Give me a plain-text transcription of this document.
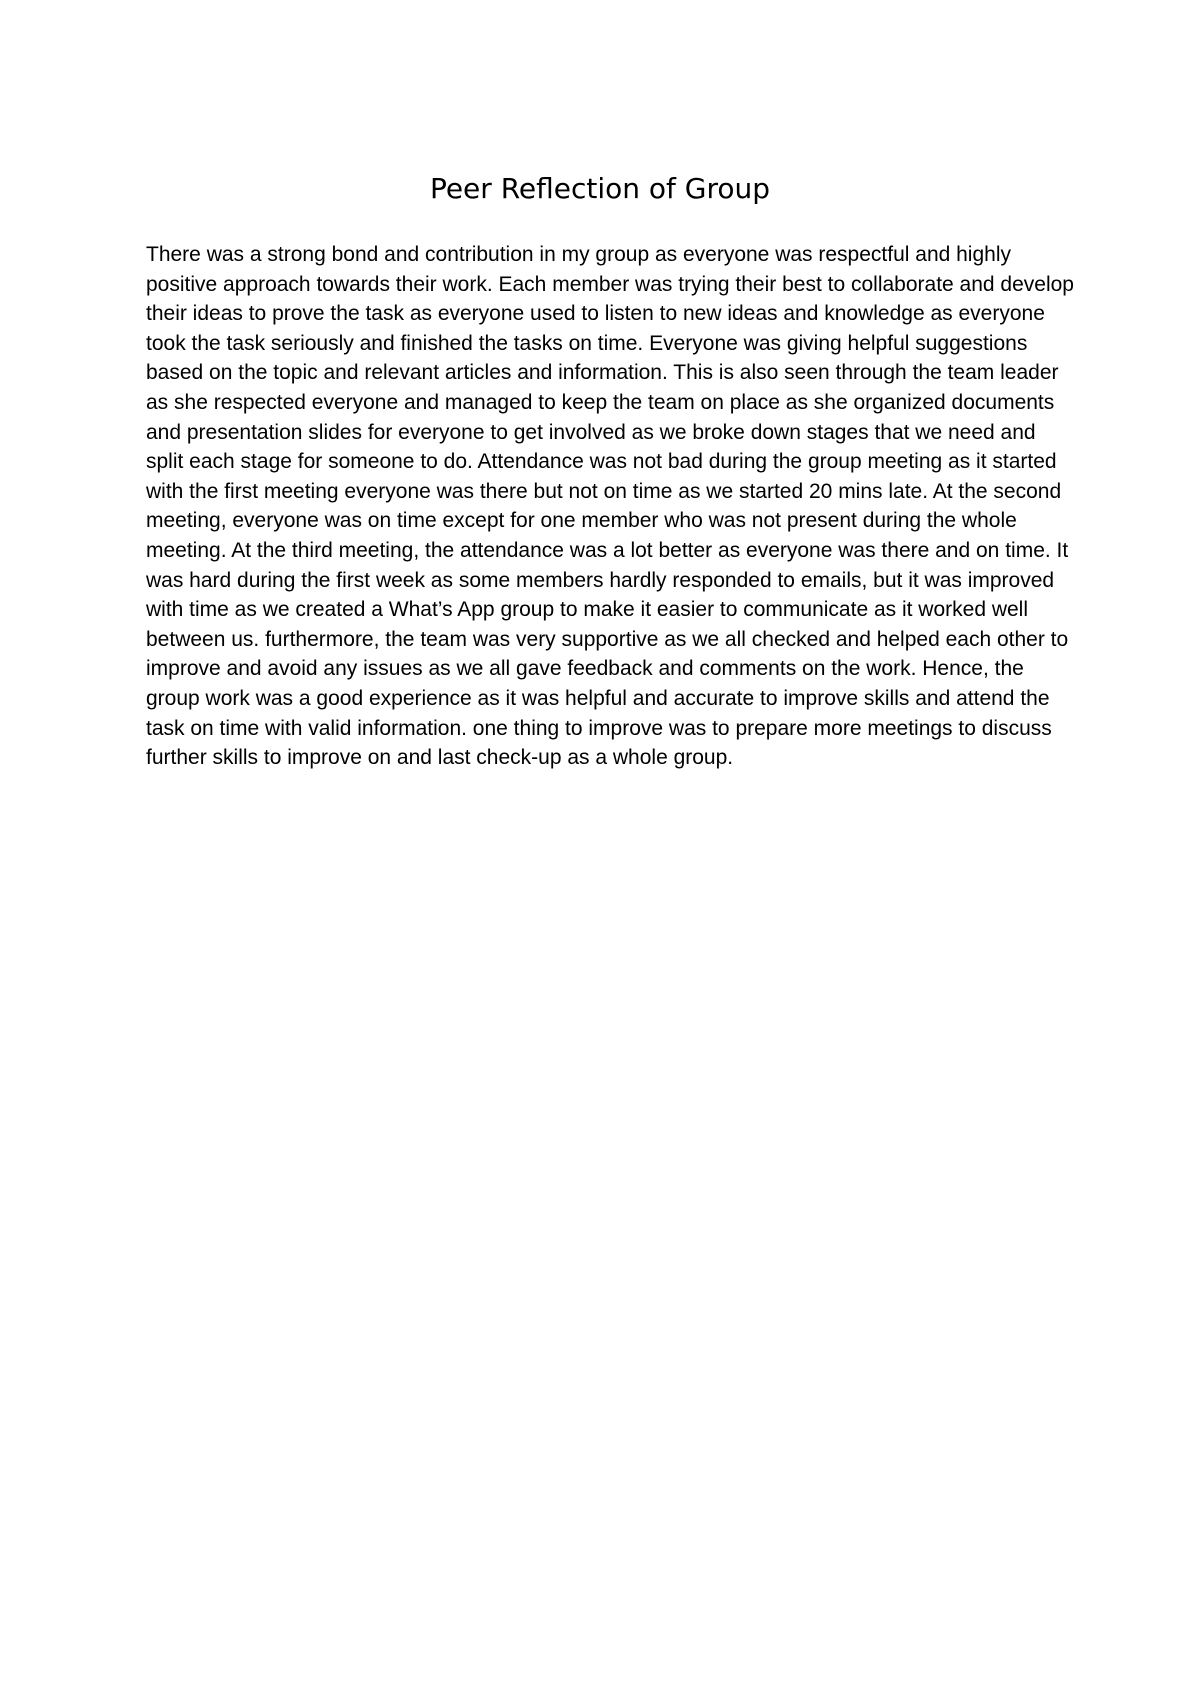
Peer Reflection of Group

There was a strong bond and contribution in my group as everyone was respectful and highly positive approach towards their work. Each member was trying their best to collaborate and develop their ideas to prove the task as everyone used to listen to new ideas and knowledge as everyone took the task seriously and finished the tasks on time. Everyone was giving helpful suggestions based on the topic and relevant articles and information. This is also seen through the team leader as she respected everyone and managed to keep the team on place as she organized documents and presentation slides for everyone to get involved as we broke down stages that we need and split each stage for someone to do. Attendance was not bad during the group meeting as it started with the first meeting everyone was there but not on time as we started 20 mins late. At the second meeting, everyone was on time except for one member who was not present during the whole meeting. At the third meeting, the attendance was a lot better as everyone was there and on time. It was hard during the first week as some members hardly responded to emails, but it was improved with time as we created a What’s App group to make it easier to communicate as it worked well between us. furthermore, the team was very supportive as we all checked and helped each other to improve and avoid any issues as we all gave feedback and comments on the work. Hence, the group work was a good experience as it was helpful and accurate to improve skills and attend the task on time with valid information. one thing to improve was to prepare more meetings to discuss further skills to improve on and last check-up as a whole group.
